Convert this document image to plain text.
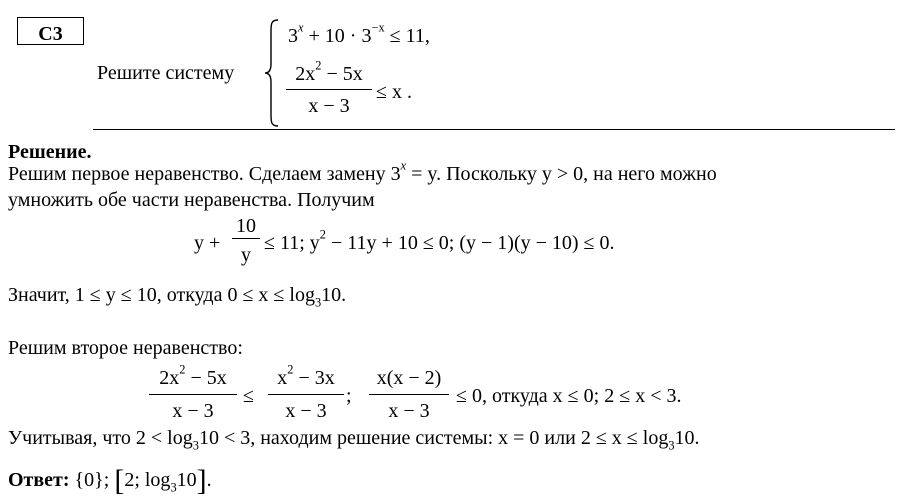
С3
Решите систему
$3^x + 10 \cdot 3^{-x} \le 11$,
$2x^2 - 5x$
x − 3
≤ x .
Решение.
Решим первое неравенство. Сделаем замену $3^x = y$. Поскольку y > 0, на него можно
умножить обе части неравенства. Получим
y +
10
y
≤ 11; $y^2 - 11y + 10 \le 0$; (y − 1)(y − 10) ≤ 0.
Значит, 1 ≤ y ≤ 10, откуда $0 \le x \le \log_310$.
Решим второе неравенство:
$2x^2 - 5x$
x − 3
≤
$x^2 - 3x$
x − 3
;
x(x − 2)
x − 3
≤ 0, откуда x ≤ 0; 2 ≤ x < 3.
Учитывая, что $2 < \log_310 < 3$, находим решение системы: x = 0 или $2 \le x \le \log_310$.
Ответ: {0}; [2; $\log_310$].
